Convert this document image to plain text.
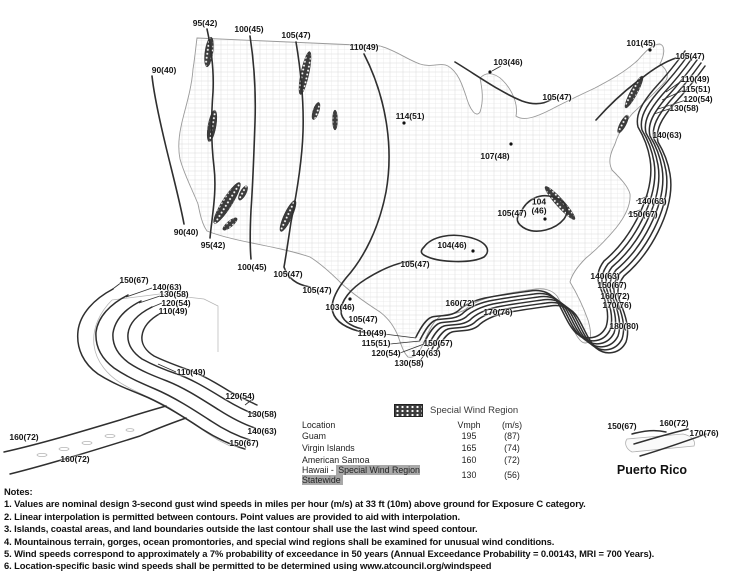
95(42)
100(45)
105(47)
110(49)
90(40)
103(46)
101(45)
105(47)
110(49)
115(51)
120(54)
130(58)
140(63)
105(47)
114(51)
107(48)
104
(46)
105(47)
90(40)
95(42)
100(45)
105(47)
105(47)
104(46)
105(47)
140(63)
150(67)
103(46)
105(47)
110(49)
115(51)
120(54)
130(58)
150(57)
140(63)
160(72)
170(76)
140(63)
150(67)
160(72)
170(76)
180(80)
150(67)
140(63)
130(58)
120(54)
110(49)
110(49)
120(54)
130(58)
140(63)
150(67)
160(72)
160(72)
150(67)	160(72)
170(76)
Puerto Rico
Special Wind Region
Location	Vmph	(m/s)
Guam	195	(87)
Virgin Islands	165	(74)
American Samoa	160	(72)
Hawaii - Special Wind Region Statewide	130	(56)
Notes:
1. Values are nominal design 3-second gust wind speeds in miles per hour (m/s) at 33 ft (10m) above ground for Exposure C category.
2. Linear interpolation is permitted between contours. Point values are provided to aid with interpolation.
3. Islands, coastal areas, and land boundaries outside the last contour shall use the last wind speed contour.
4. Mountainous terrain, gorges, ocean promontories, and special wind regions shall be examined for unusual wind conditions.
5. Wind speeds correspond to approximately a 7% probability of exceedance in 50 years (Annual Exceedance Probability = 0.00143, MRI = 700 Years).
6. Location-specific basic wind speeds shall be permitted to be determined using www.atcouncil.org/windspeed
